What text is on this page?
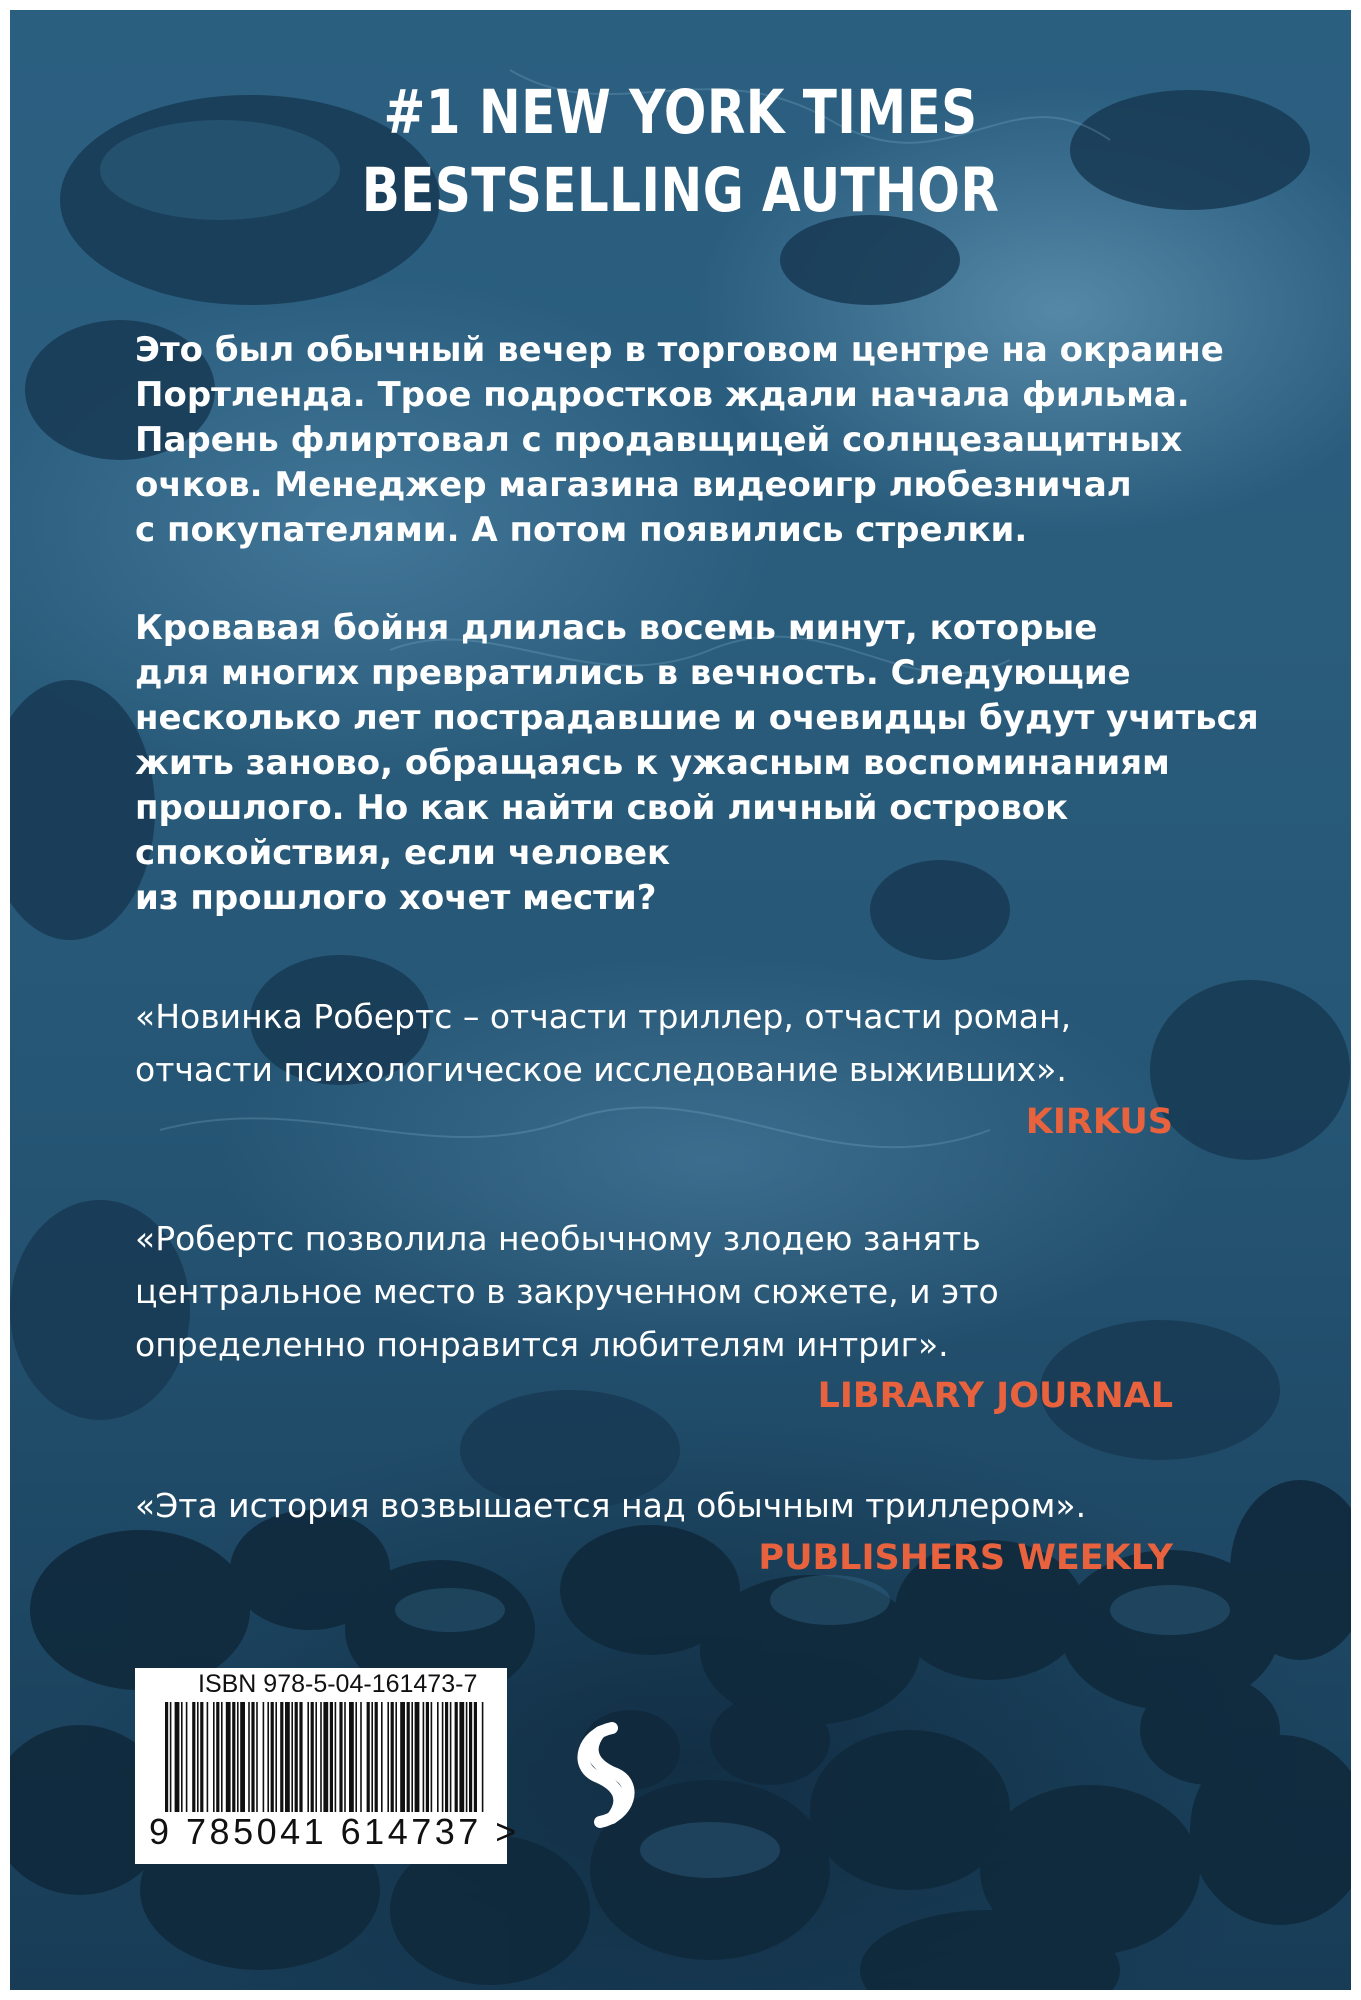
#1 NEW YORK TIMES
BESTSELLING AUTHOR
Это был обычный вечер в торговом центре на окраине
Портленда. Трое подростков ждали начала фильма.
Парень флиртовал с продавщицей солнцезащитных
очков. Менеджер магазина видеоигр любезничал
с покупателями. А потом появились стрелки.
Кровавая бойня длилась восемь минут, которые
для многих превратились в вечность. Следующие
несколько лет пострадавшие и очевидцы будут учиться
жить заново, обращаясь к ужасным воспоминаниям
прошлого. Но как найти свой личный островок
спокойствия, если человек
из прошлого хочет мести?
«Новинка Робертс – отчасти триллер, отчасти роман,
отчасти психологическое исследование выживших».
KIRKUS
«Робертс позволила необычному злодею занять
центральное место в закрученном сюжете, и это
определенно понравится любителям интриг».
LIBRARY JOURNAL
«Эта история возвышается над обычным триллером».
PUBLISHERS WEEKLY
ISBN 978-5-04-161473-7
9 785041 614737 >
